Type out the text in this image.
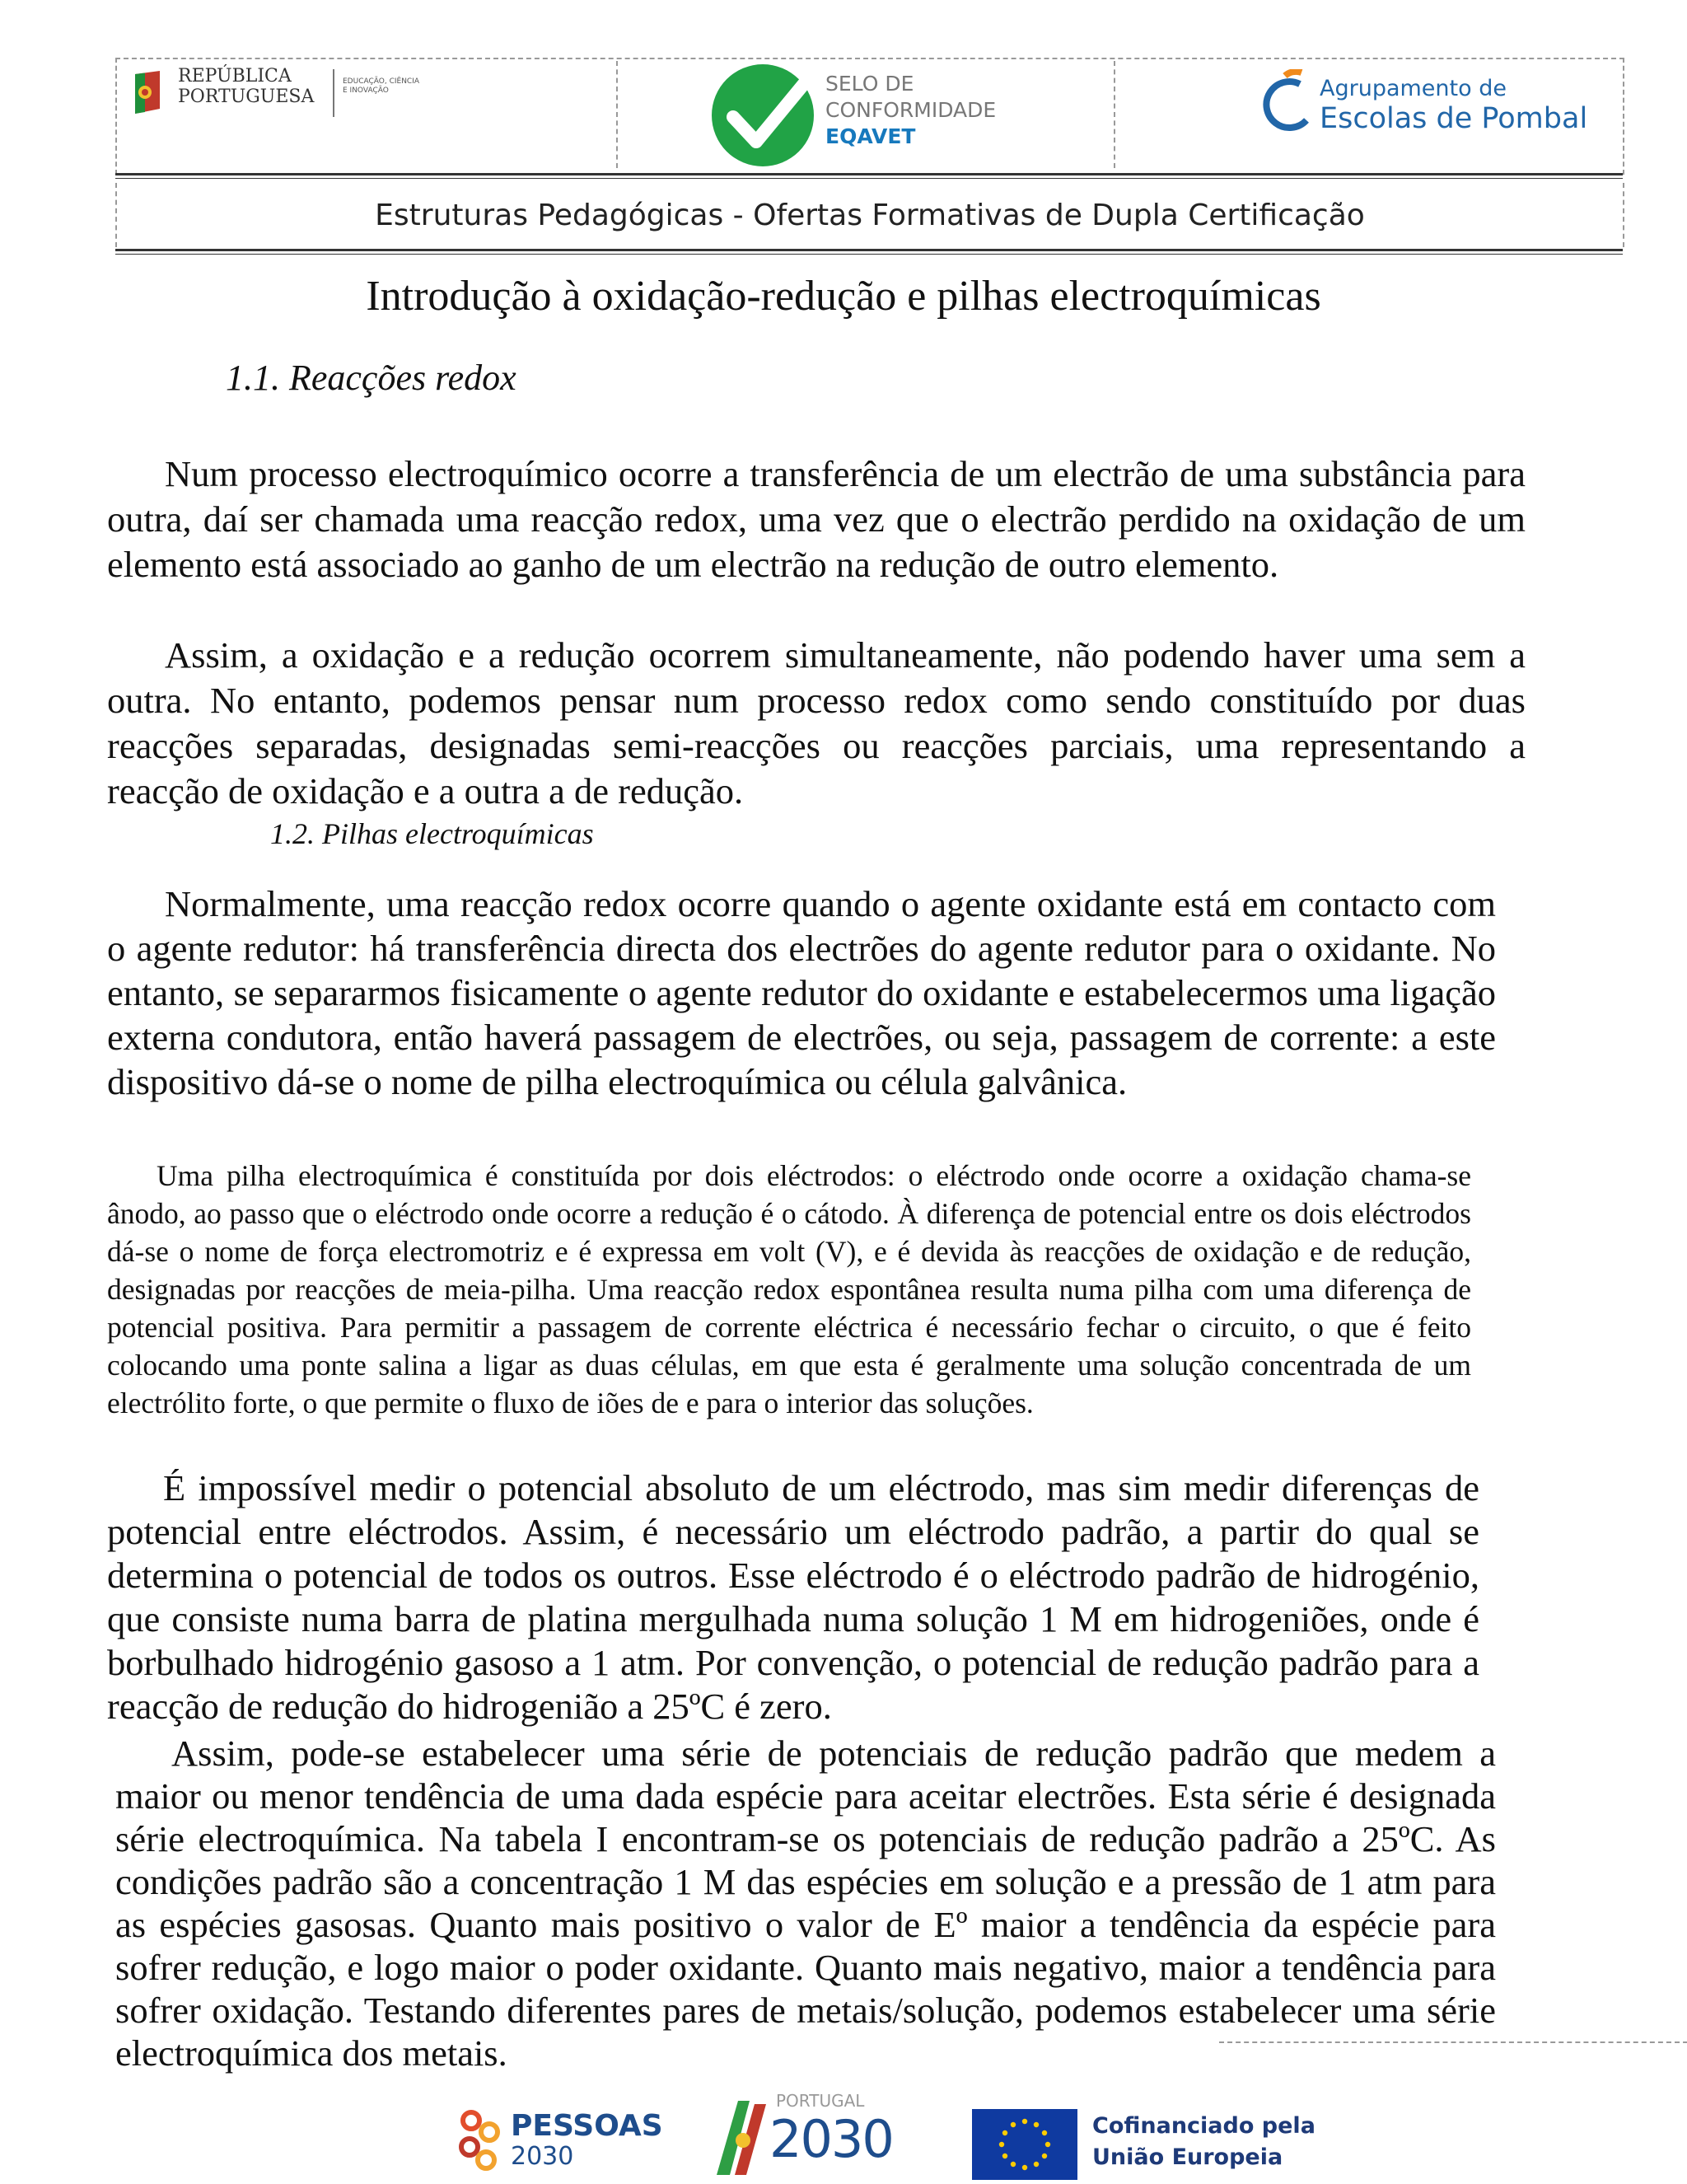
REPÚBLICA
PORTUGUESA
EDUCAÇÃO, CIÊNCIA
E INOVAÇÃO	SELO DE
CONFORMIDADE
EQAVET
Agrupamento de
Escolas de Pombal
Estruturas Pedagógicas - Ofertas Formativas de Dupla Certificação
Introdução à oxidação-redução e pilhas electroquímicas
1.1. Reacções redox

Num processo electroquímico ocorre a transferência de um electrão de uma substância para outra, daí ser chamada uma reacção redox, uma vez que o electrão perdido na oxidação de um elemento está associado ao ganho de um electrão na redução de outro elemento.

Assim, a oxidação e a redução ocorrem simultaneamente, não podendo haver uma sem a outra. No entanto, podemos pensar num processo redox como sendo constituído por duas reacções separadas, designadas semi-reacções ou reacções parciais, uma representando a reacção de oxidação e a outra a de redução.

1.2. Pilhas electroquímicas

Normalmente, uma reacção redox ocorre quando o agente oxidante está em contacto com o agente redutor: há transferência directa dos electrões do agente redutor para o oxidante. No entanto, se separarmos fisicamente o agente redutor do oxidante e estabelecermos uma ligação externa condutora, então haverá passagem de electrões, ou seja, passagem de corrente: a este dispositivo dá-se o nome de pilha electroquímica ou célula galvânica.

Uma pilha electroquímica é constituída por dois eléctrodos: o eléctrodo onde ocorre a oxidação chama-se ânodo, ao passo que o eléctrodo onde ocorre a redução é o cátodo. À diferença de potencial entre os dois eléctrodos dá-se o nome de força electromotriz e é expressa em volt (V), e é devida às reacções de oxidação e de redução, designadas por reacções de meia-pilha. Uma reacção redox espontânea resulta numa pilha com uma diferença de potencial positiva. Para permitir a passagem de corrente eléctrica é necessário fechar o circuito, o que é feito colocando uma ponte salina a ligar as duas células, em que esta é geralmente uma solução concentrada de um electrólito forte, o que permite o fluxo de iões de e para o interior das soluções.

É impossível medir o potencial absoluto de um eléctrodo, mas sim medir diferenças de potencial entre eléctrodos. Assim, é necessário um eléctrodo padrão, a partir do qual se determina o potencial de todos os outros. Esse eléctrodo é o eléctrodo padrão de hidrogénio, que consiste numa barra de platina mergulhada numa solução 1 M em hidrogeniões, onde é borbulhado hidrogénio gasoso a 1 atm. Por convenção, o potencial de redução padrão para a reacção de redução do hidrogenião a 25ºC é zero.

Assim, pode-se estabelecer uma série de potenciais de redução padrão que medem a maior ou menor tendência de uma dada espécie para aceitar electrões. Esta série é designada série electroquímica. Na tabela I encontram-se os potenciais de redução padrão a 25ºC. As condições padrão são a concentração 1 M das espécies em solução e a pressão de 1 atm para as espécies gasosas. Quanto mais positivo o valor de Eº maior a tendência da espécie para sofrer redução, e logo maior o poder oxidante. Quanto mais negativo, maior a tendência para sofrer oxidação. Testando diferentes pares de metais/solução, podemos estabelecer uma série electroquímica dos metais.

PESSOAS
2030
PORTUGAL
2030	Cofinanciado pela
União Europeia
